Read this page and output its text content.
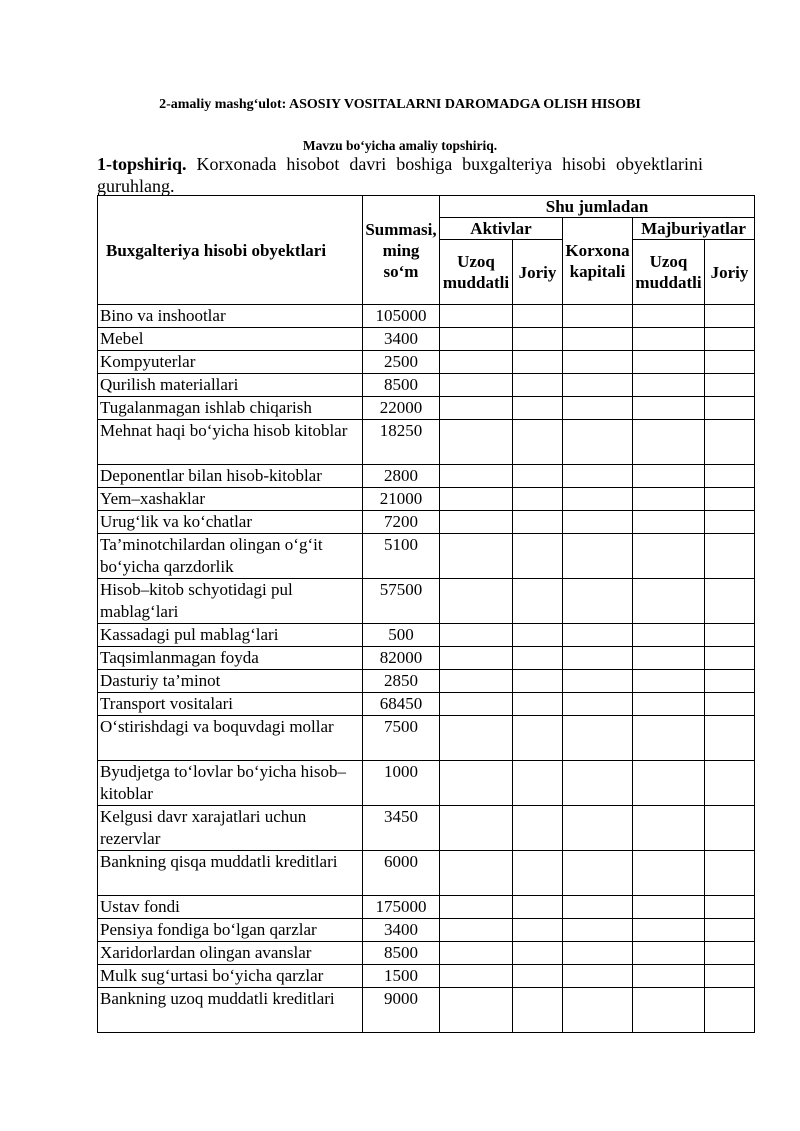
2-amaliy mashg‘ulot: ASOSIY VOSITALARNI DAROMADGA OLISH HISOBI
Mavzu bo‘yicha amaliy topshiriq.
1-topshiriq. Korxonada hisobot davri boshiga buxgalteriya hisobi obyektlarini guruhlang.
Buxgalteriya hisobi obyektlari	Summasi, ming so‘m	Shu jumladan				
		Aktivlar		Korxona kapitali	Majburiyatlar	
		Uzoq muddatli	Joriy		Uzoq muddatli	Joriy
Bino va inshootlar	105000					
Mebel	3400					
Kompyuterlar	2500					
Qurilish materiallari	8500					
Tugalanmagan ishlab chiqarish	22000					
Mehnat haqi bo‘yicha hisob kitoblar	18250					
Deponentlar bilan hisob-kitoblar	2800					
Yem–xashaklar	21000					
Urug‘lik va ko‘chatlar	7200					
Ta’minotchilardan olingan o‘g‘it bo‘yicha qarzdorlik	5100					
Hisob–kitob schyotidagi pul mablag‘lari	57500					
Kassadagi pul mablag‘lari	500					
Taqsimlanmagan foyda	82000					
Dasturiy ta’minot	2850					
Transport vositalari	68450					
O‘stirishdagi va boquvdagi mollar	7500					
Byudjetga to‘lovlar bo‘yicha hisob–kitoblar	1000					
Kelgusi davr xarajatlari uchun rezervlar	3450					
Bankning qisqa muddatli kreditlari	6000					
Ustav fondi	175000					
Pensiya fondiga bo‘lgan qarzlar	3400					
Xaridorlardan olingan avanslar	8500					
Mulk sug‘urtasi bo‘yicha qarzlar	1500					
Bankning uzoq muddatli kreditlari	9000					
